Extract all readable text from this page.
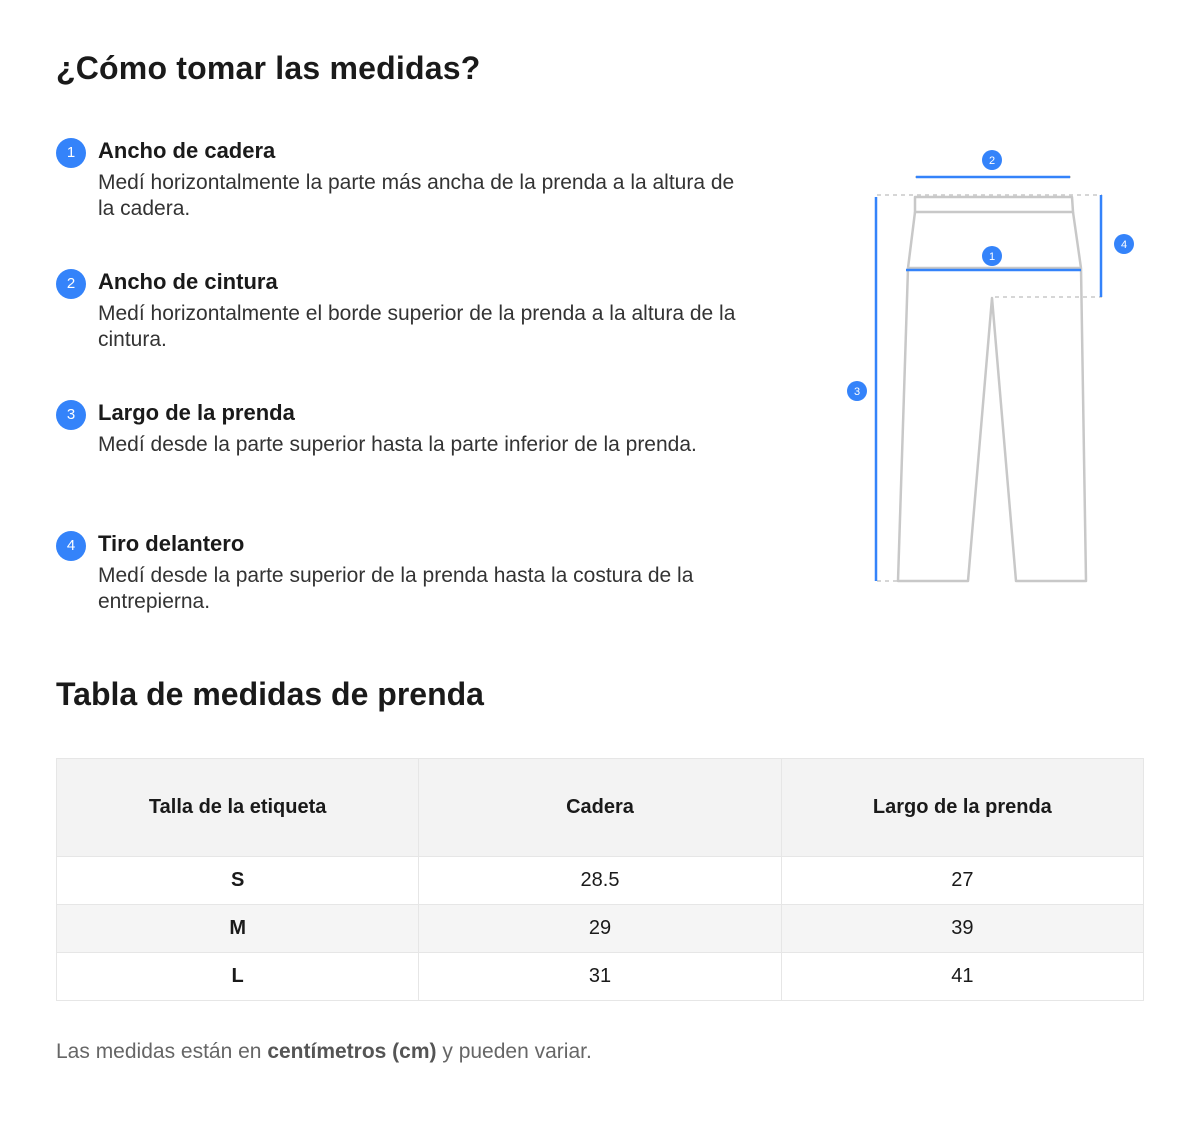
¿Cómo tomar las medidas?
1	Ancho de cadera
Medí horizontalmente la parte más ancha de la prenda a la altura de la cadera.
2	Ancho de cintura
Medí horizontalmente el borde superior de la prenda a la altura de la cintura.
3	Largo de la prenda
Medí desde la parte superior hasta la parte inferior de la prenda.
4	Tiro delantero
Medí desde la parte superior de la prenda hasta la costura de la entrepierna.
2
1
3
4
Tabla de medidas de prenda
Talla de la etiqueta	Cadera	Largo de la prenda
S	28.5	27
M	29	39
L	31	41
Las medidas están en centímetros (cm) y pueden variar.
